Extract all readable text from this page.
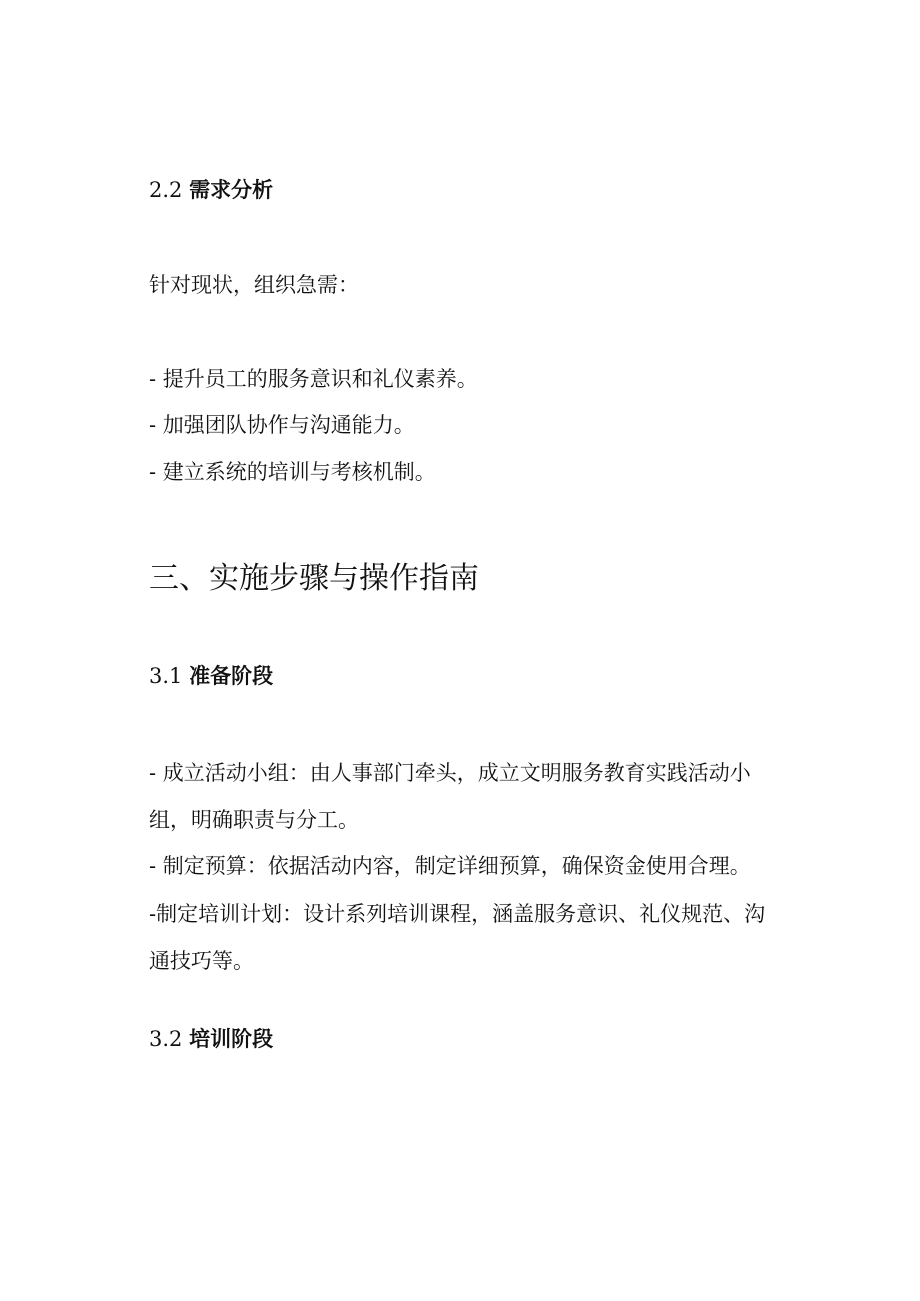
2.2 需求分析
针对现状，组织急需：
- 提升员工的服务意识和礼仪素养。
- 加强团队协作与沟通能力。
- 建立系统的培训与考核机制。
三、实施步骤与操作指南
3.1 准备阶段
- 成立活动小组：由人事部门牵头，成立文明服务教育实践活动小
组，明确职责与分工。
- 制定预算：依据活动内容，制定详细预算，确保资金使用合理。
-制定培训计划：设计系列培训课程，涵盖服务意识、礼仪规范、沟
通技巧等。
3.2 培训阶段
